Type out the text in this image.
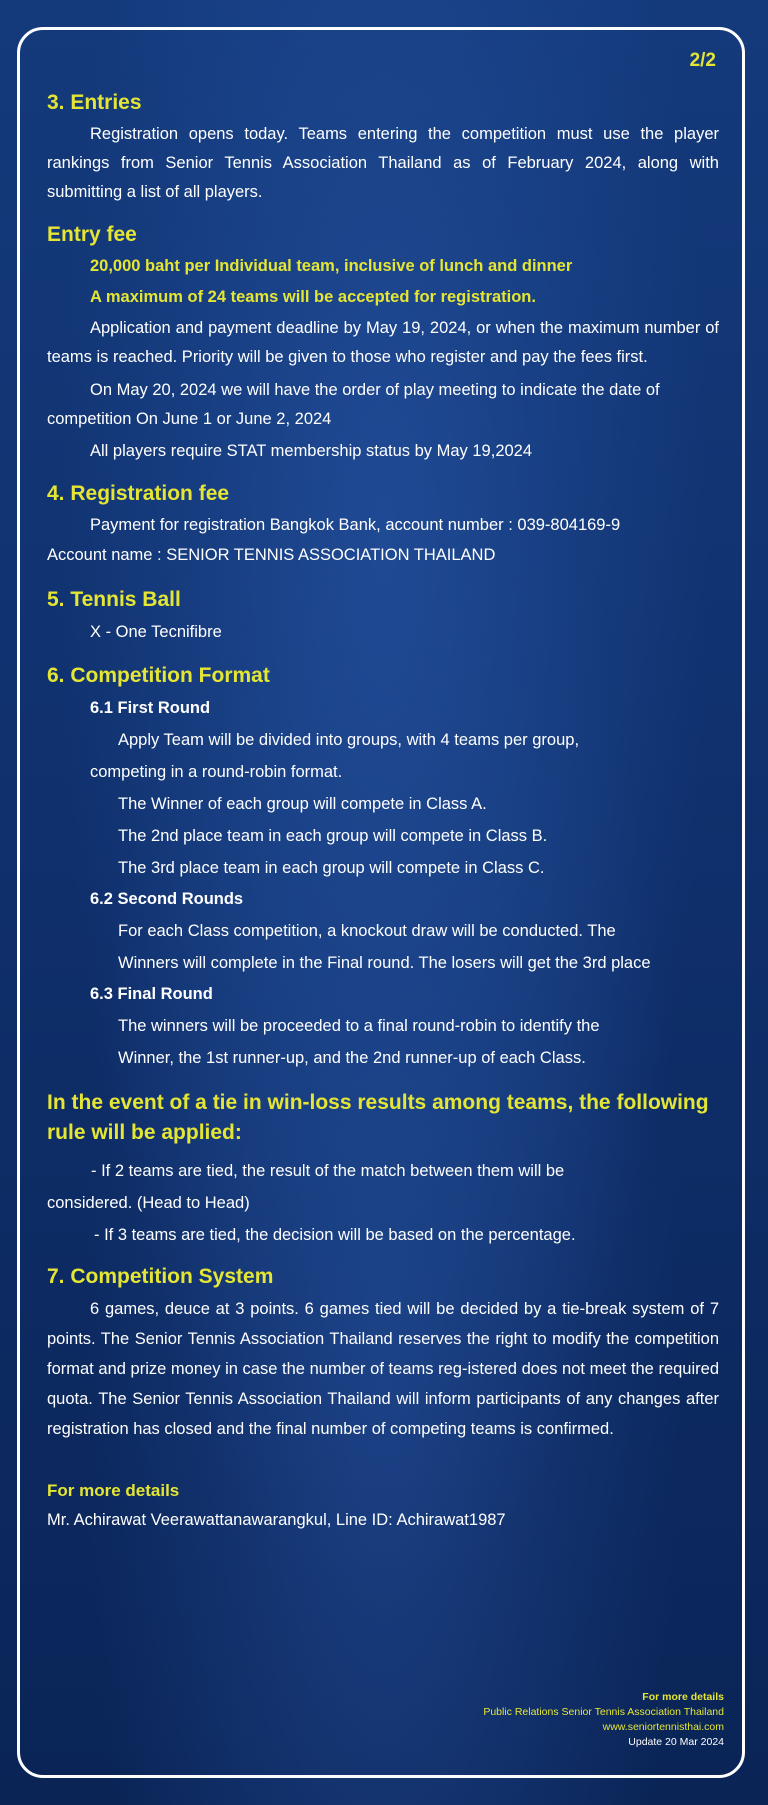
2/2
3. Entries
Registration opens today. Teams entering the competition must use the player rankings from Senior Tennis Association Thailand as of February 2024, along with submitting a list of all players.
Entry fee
20,000 baht per Individual team, inclusive of lunch and dinner
A maximum of 24 teams will be accepted for registration.
Application and payment deadline by May 19, 2024, or when the maximum number of teams is reached. Priority will be given to those who register and pay the fees first.
On May 20, 2024 we will have the order of play meeting to indicate the date of competition On June 1 or June 2, 2024
All players require STAT membership status by May 19,2024
4. Registration fee
Payment for registration Bangkok Bank, account number : 039-804169-9
Account name : SENIOR TENNIS ASSOCIATION THAILAND
5. Tennis Ball
X - One Tecnifibre
6. Competition Format
6.1 First Round
Apply Team will be divided into groups, with 4 teams per group,
competing in a round-robin format.
The Winner of each group will compete in Class A.
The 2nd place team in each group will compete in Class B.
The 3rd place team in each group will compete in Class C.
6.2 Second Rounds
For each Class competition, a knockout draw will be conducted. The
Winners will complete in the Final round. The losers will get the 3rd place
6.3 Final Round
The winners will be proceeded to a final round-robin to identify the
Winner, the 1st runner-up, and the 2nd runner-up of each Class.
In the event of a tie in win-loss results among teams, the following rule will be applied:
- If 2 teams are tied, the result of the match between them will be
considered. (Head to Head)
- If 3 teams are tied, the decision will be based on the percentage.
7. Competition System
6 games, deuce at 3 points. 6 games tied will be decided by a tie-break system of 7 points. The Senior Tennis Association Thailand reserves the right to modify the competition format and prize money in case the number of teams reg-istered does not meet the required quota. The Senior Tennis Association Thailand will inform participants of any changes after registration has closed and the final number of competing teams is confirmed.
For more details
Mr. Achirawat Veerawattanawarangkul, Line ID: Achirawat1987
For more details
Public Relations Senior Tennis Association Thailand
www.seniortennisthai.com
Update 20 Mar 2024
